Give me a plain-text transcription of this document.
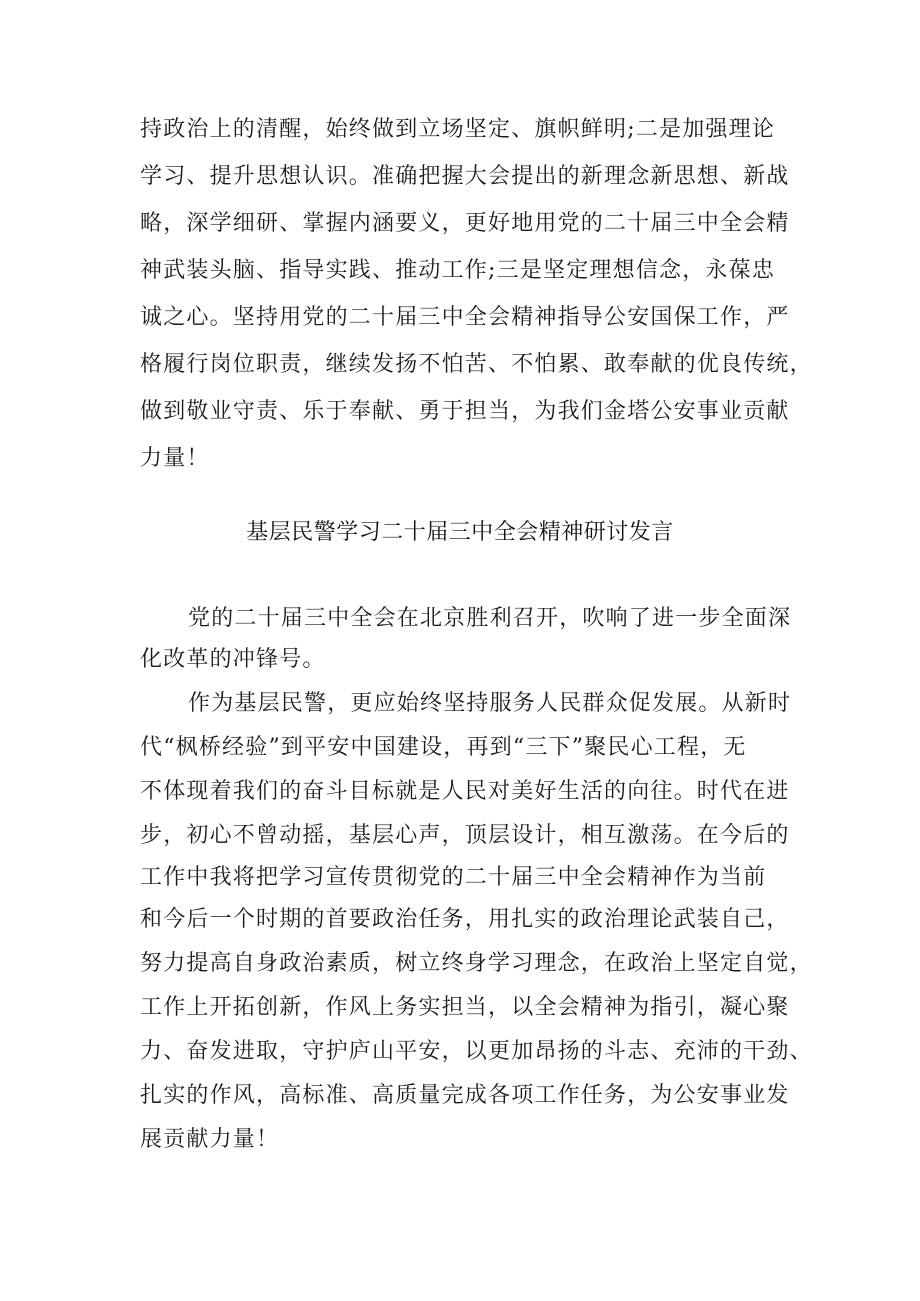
持政治上的清醒，始终做到立场坚定、旗帜鲜明;二是加强理论
学习、提升思想认识。准确把握大会提出的新理念新思想、新战
略，深学细研、掌握内涵要义，更好地用党的二十届三中全会精
神武装头脑、指导实践、推动工作;三是坚定理想信念，永葆忠
诚之心。坚持用党的二十届三中全会精神指导公安国保工作，严
格履行岗位职责，继续发扬不怕苦、不怕累、敢奉献的优良传统，
做到敬业守责、乐于奉献、勇于担当，为我们金塔公安事业贡献
力量！
基层民警学习二十届三中全会精神研讨发言
党的二十届三中全会在北京胜利召开，吹响了进一步全面深
化改革的冲锋号。
作为基层民警，更应始终坚持服务人民群众促发展。从新时
代“枫桥经验”到平安中国建设，再到“三下”聚民心工程，无
不体现着我们的奋斗目标就是人民对美好生活的向往。时代在进
步，初心不曾动摇，基层心声，顶层设计，相互激荡。在今后的
工作中我将把学习宣传贯彻党的二十届三中全会精神作为当前
和今后一个时期的首要政治任务，用扎实的政治理论武装自己，
努力提高自身政治素质，树立终身学习理念，在政治上坚定自觉，
工作上开拓创新，作风上务实担当，以全会精神为指引，凝心聚
力、奋发进取，守护庐山平安，以更加昂扬的斗志、充沛的干劲、
扎实的作风，高标准、高质量完成各项工作任务，为公安事业发
展贡献力量！
